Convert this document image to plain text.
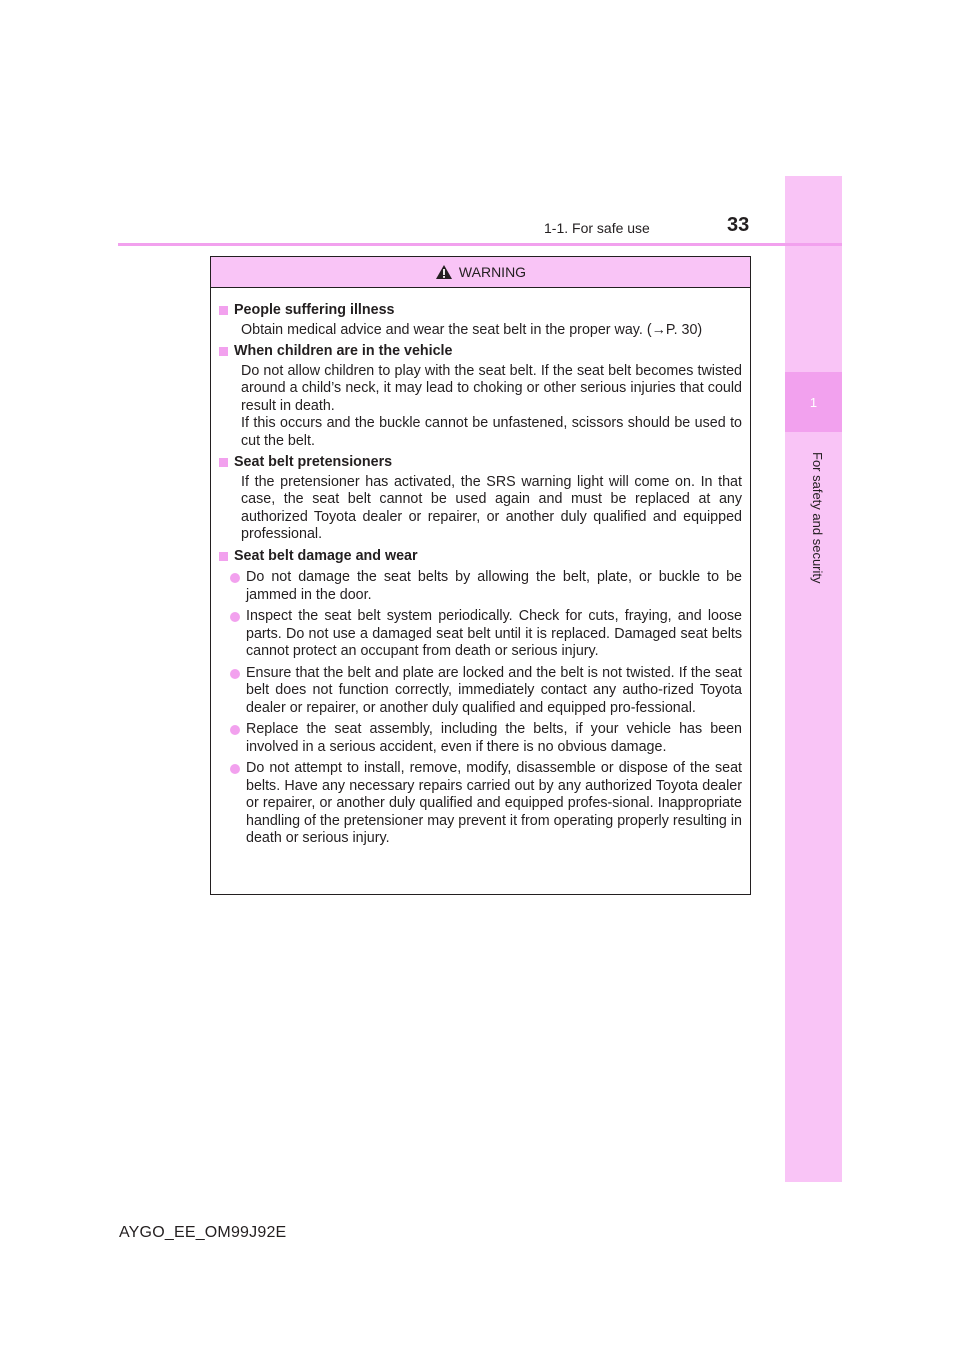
1
For safety and security
1-1. For safe use	33
WARNING
People suffering illness
Obtain medical advice and wear the seat belt in the proper way. (→P. 30)
When children are in the vehicle
Do not allow children to play with the seat belt. If the seat belt becomes twisted around a child’s neck, it may lead to choking or other serious injuries that could result in death.
If this occurs and the buckle cannot be unfastened, scissors should be used to cut the belt.
Seat belt pretensioners
If the pretensioner has activated, the SRS warning light will come on. In that case, the seat belt cannot be used again and must be replaced at any authorized Toyota dealer or repairer, or another duly qualified and equipped professional.
Seat belt damage and wear
Do not damage the seat belts by allowing the belt, plate, or buckle to be jammed in the door.
Inspect the seat belt system periodically. Check for cuts, fraying, and loose parts. Do not use a damaged seat belt until it is replaced. Damaged seat belts cannot protect an occupant from death or serious injury.
Ensure that the belt and plate are locked and the belt is not twisted. If the seat belt does not function correctly, immediately contact any autho-rized Toyota dealer or repairer, or another duly qualified and equipped pro-fessional.
Replace the seat assembly, including the belts, if your vehicle has been involved in a serious accident, even if there is no obvious damage.
Do not attempt to install, remove, modify, disassemble or dispose of the seat belts. Have any necessary repairs carried out by any authorized Toyota dealer or repairer, or another duly qualified and equipped profes-sional. Inappropriate handling of the pretensioner may prevent it from operating properly resulting in death or serious injury.
AYGO_EE_OM99J92E
